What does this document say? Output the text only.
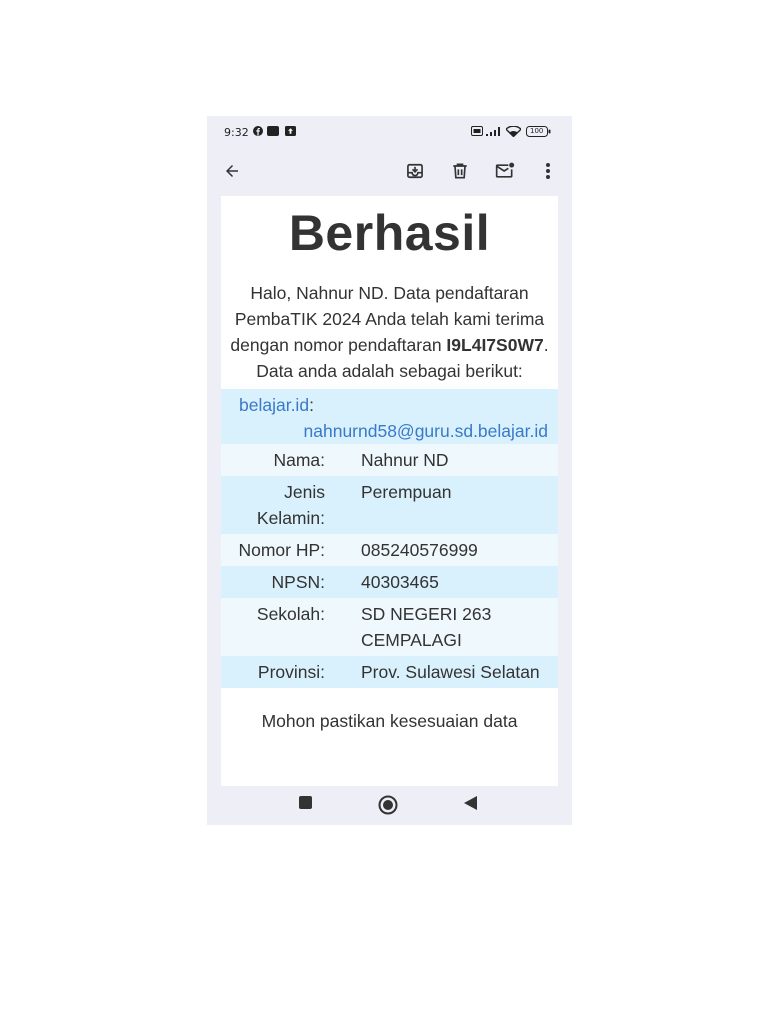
9:32	100
Berhasil
Halo, Nahnur ND. Data pendaftaran PembaTIK 2024 Anda telah kami terima dengan nomor pendaftaran I9L4I7S0W7. Data anda adalah sebagai berikut:
belajar.id:
nahnurnd58@guru.sd.belajar.id	

Nama:	Nahnur ND
Jenis Kelamin:	Perempuan
Nomor HP:	085240576999
NPSN:	40303465
Sekolah:	SD NEGERI 263 CEMPALAGI
Provinsi:	Prov. Sulawesi Selatan
Mohon pastikan kesesuaian data
